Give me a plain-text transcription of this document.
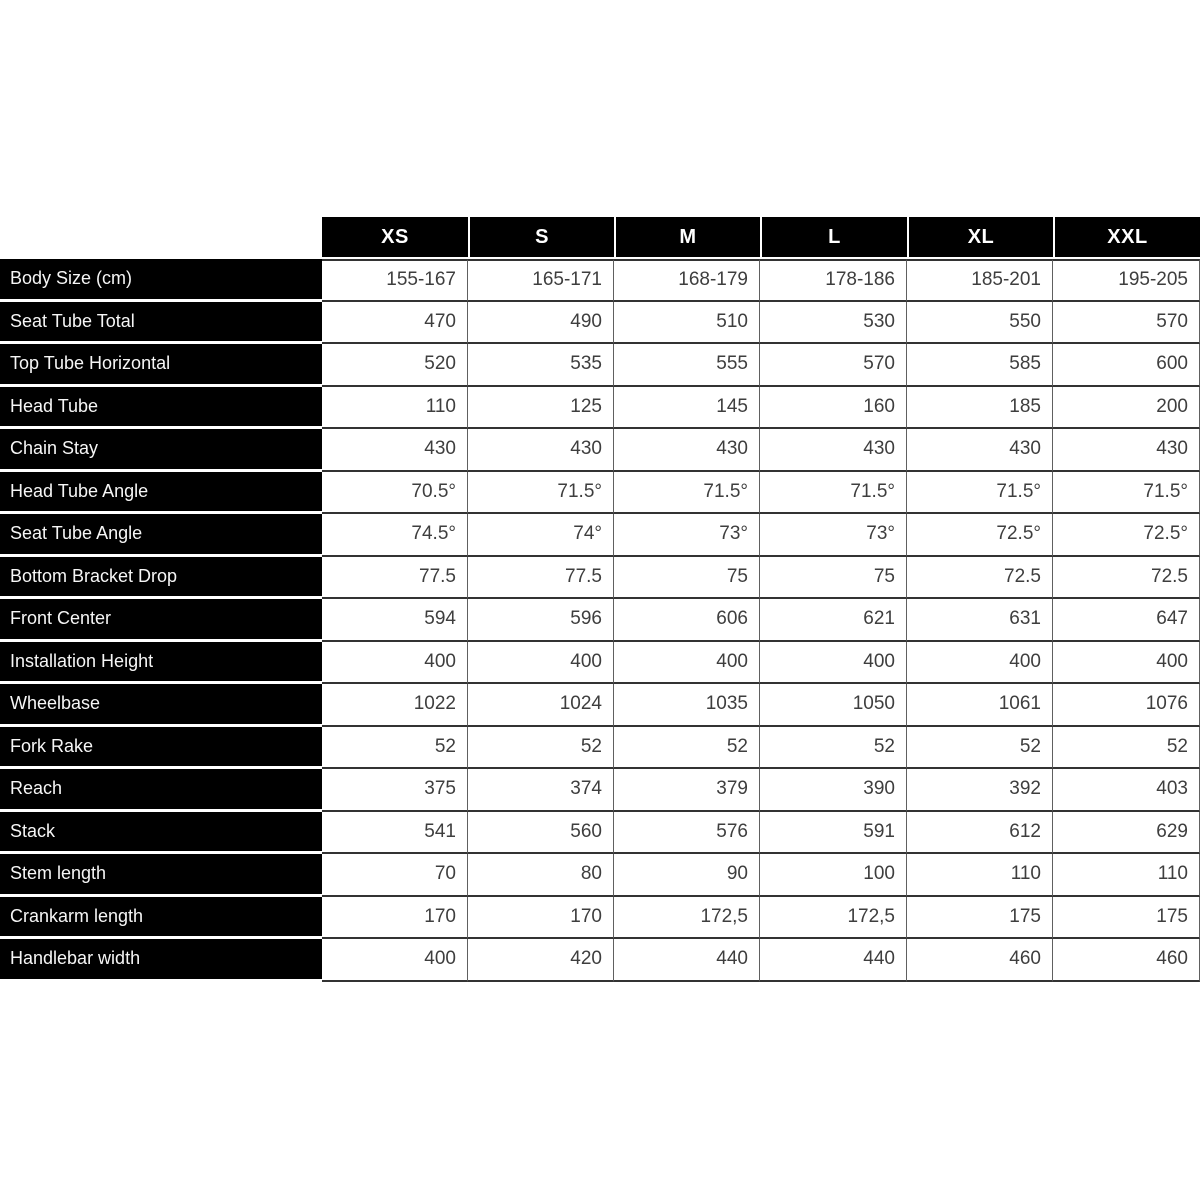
	XS	S	M	L	XL	XXL
Body Size (cm)	155-167	165-171	168-179	178-186	185-201	195-205
Seat Tube Total	470	490	510	530	550	570
Top Tube Horizontal	520	535	555	570	585	600
Head Tube	110	125	145	160	185	200
Chain Stay	430	430	430	430	430	430
Head Tube Angle	70.5°	71.5°	71.5°	71.5°	71.5°	71.5°
Seat Tube Angle	74.5°	74°	73°	73°	72.5°	72.5°
Bottom Bracket Drop	77.5	77.5	75	75	72.5	72.5
Front Center	594	596	606	621	631	647
Installation Height	400	400	400	400	400	400
Wheelbase	1022	1024	1035	1050	1061	1076
Fork Rake	52	52	52	52	52	52
Reach	375	374	379	390	392	403
Stack	541	560	576	591	612	629
Stem length	70	80	90	100	110	110
Crankarm length	170	170	172,5	172,5	175	175
Handlebar width	400	420	440	440	460	460
